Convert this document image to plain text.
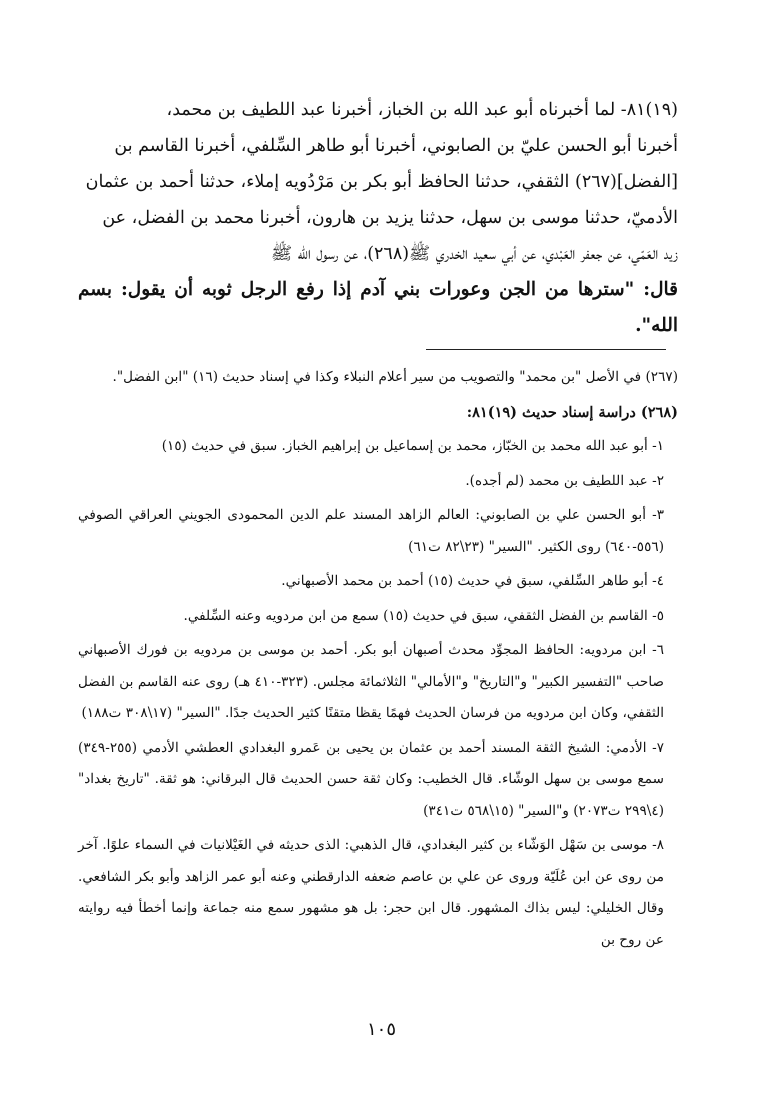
(١٩)٨١- لما أخبرناه أبو عبد الله بن الخباز، أخبرنا عبد اللطيف بن محمد،

أخبرنا أبو الحسن عليّ بن الصابوني، أخبرنا أبو طاهر السِّلفي، أخبرنا القاسم بن

[الفضل](٢٦٧) الثقفي، حدثنا الحافظ أبو بكر بن مَرْدُويه إملاء، حدثنا أحمد بن عثمان

الأدميّ، حدثنا موسى بن سهل، حدثنا يزيد بن هارون، أخبرنا محمد بن الفضل، عن

زيد العَمّي، عن جعفر العَبْدي، عن أبي سعيد الخدري ﷺ(٢٦٨)، عن رسول الله ﷺ

قال: "سترها من الجن وعورات بني آدم إذا رفع الرجل ثوبه أن يقول: بسم الله".

(٢٦٧) في الأصل "بن محمد" والتصويب من سير أعلام النبلاء وكذا في إسناد حديث (١٦) "ابن الفضل".

(٢٦٨) دراسة إسناد حديث (١٩)٨١:

١- أبو عبد الله محمد بن الخبّاز، محمد بن إسماعيل بن إبراهيم الخباز. سبق في حديث (١٥)

٢- عبد اللطيف بن محمد (لم أجده).

٣- أبو الحسن علي بن الصابوني: العالم الزاهد المسند علم الدين المحمودى الجويني العراقي الصوفي (٥٥٦-٦٤٠) روى الكثير. "السير" (٢٣\٨٢ ت٦١)

٤- أبو طاهر السِّلفي، سبق في حديث (١٥) أحمد بن محمد الأصبهاني.

٥- القاسم بن الفضل الثقفي، سبق في حديث (١٥) سمع من ابن مردويه وعنه السِّلفي.

٦- ابن مردويه: الحافظ المجوِّد محدث أصبهان أبو بكر. أحمد بن موسى بن مردويه بن فورك الأصبهاني صاحب "التفسير الكبير" و"التاريخ" و"الأمالي" الثلاثمائة مجلس. (٣٢٣-٤١٠ هـ) روى عنه القاسم بن الفضل الثقفي، وكان ابن مردويه من فرسان الحديث فهمًا يقظا متقنًا كثير الحديث جدًا. "السير" (١٧\٣٠٨ ت١٨٨)

٧- الأدمي: الشيخ الثقة المسند أحمد بن عثمان بن يحيى بن عَمرو البغدادي العطشي الأدمي (٢٥٥-٣٤٩) سمع موسى بن سهل الوشّاء. قال الخطيب: وكان ثقة حسن الحديث قال البرقاني: هو ثقة. "تاريخ بغداد" (٤\٢٩٩ ت٢٠٧٣) و"السير" (١٥\٥٦٨ ت٣٤١)

٨- موسى بن سَهْل الوَشّاء بن كثير البغدادي، قال الذهبي: الذى حديثه في الغَيْلانيات في السماء علوًا. آخر من روى عن ابن عُلَيّة وروى عن علي بن عاصم ضعفه الدارقطني وعنه أبو عمر الزاهد وأبو بكر الشافعي. وقال الخليلي: ليس بذاك المشهور. قال ابن حجر: بل هو مشهور سمع منه جماعة وإنما أخطأ فيه روايته عن روح بن

١٠٥
